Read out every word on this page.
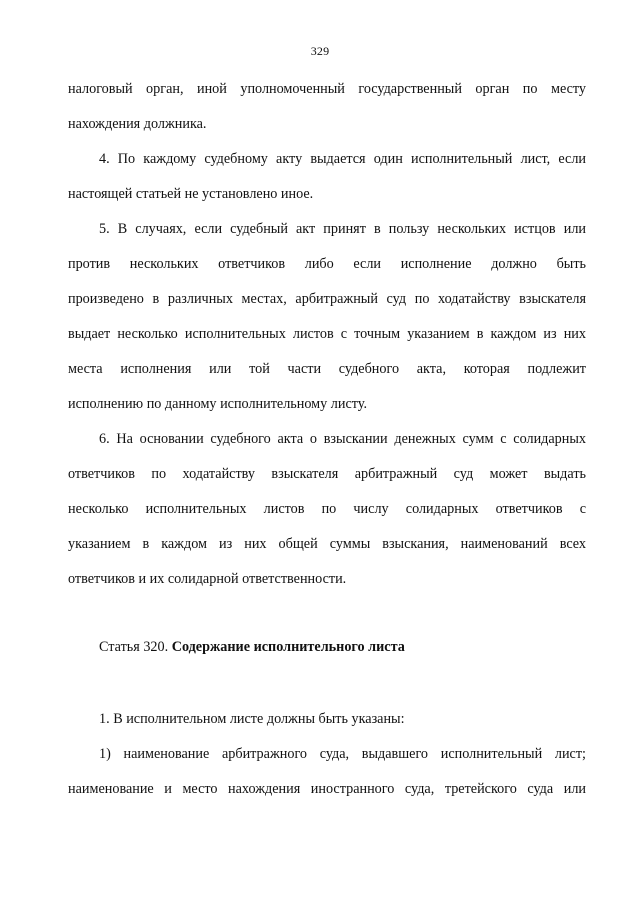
329
налоговый орган, иной уполномоченный государственный орган по месту
нахождения должника.
4. По каждому судебному акту выдается один исполнительный лист, если
настоящей статьей не установлено иное.
5. В случаях, если судебный акт принят в пользу нескольких истцов или
против нескольких ответчиков либо если исполнение должно быть
произведено в различных местах, арбитражный суд по ходатайству взыскателя
выдает несколько исполнительных листов с точным указанием в каждом из них
места исполнения или той части судебного акта, которая подлежит
исполнению по данному исполнительному листу.
6. На основании судебного акта о взыскании денежных сумм с солидарных
ответчиков по ходатайству взыскателя арбитражный суд может выдать
несколько исполнительных листов по числу солидарных ответчиков с
указанием в каждом из них общей суммы взыскания, наименований всех
ответчиков и их солидарной ответственности.
Статья 320. Содержание исполнительного листа
1. В исполнительном листе должны быть указаны:
1) наименование арбитражного суда, выдавшего исполнительный лист;
наименование и место нахождения иностранного суда, третейского суда или
